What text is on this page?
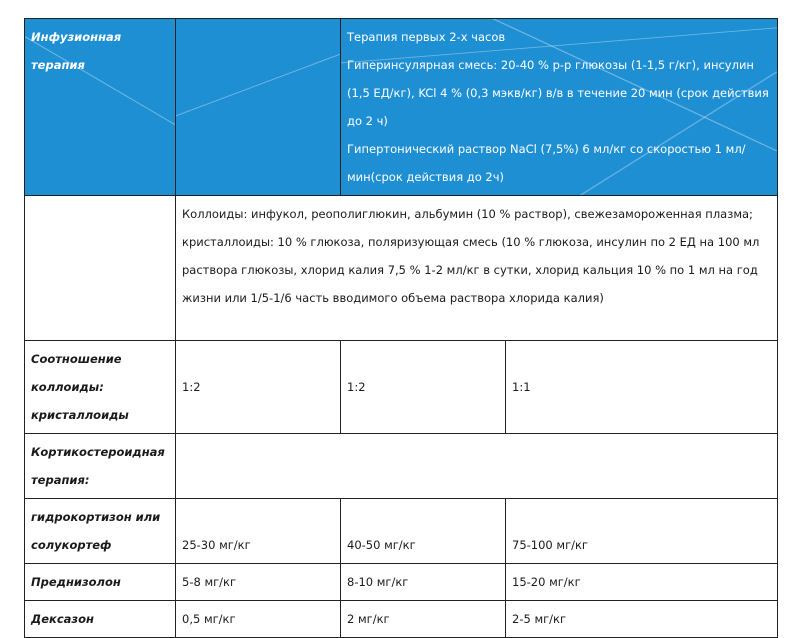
Инфузионная терапия		Терапия первых 2-х часов
Гиперинсулярная смесь: 20-40 % р-р глюкозы (1-1,5 г/кг), инсулин (1,5 ЕД/кг), KCl 4 % (0,3 мэкв/кг) в/в в течение 20 мин (срок действия до 2 ч)
Гипертонический раствор NaCl (7,5%) 6 мл/кг со скоростью 1 мл/мин(срок действия до 2ч)	

	Коллоиды: инфукол, реополиглюкин, альбумин (10 % раствор), свежезамороженная плазма; кристаллоиды: 10 % глюкоза, поляризующая смесь (10 % глюкоза, инсулин по 2 ЕД на 100 мл раствора глюкозы, хлорид калия 7,5 % 1-2 мл/кг в сутки, хлорид кальция 10 % по 1 мл на год жизни или 1/5-1/6 часть вводимого объема раствора хлорида калия)		
Соотношение коллоиды: кристаллоиды	1:2	1:2	1:1
Кортикостероидная терапия:			
гидрокортизон или солукортеф	25-30 мг/кг	40-50 мг/кг	75-100 мг/кг
Преднизолон	5-8 мг/кг	8-10 мг/кг	15-20 мг/кг
Дексазон	0,5 мг/кг	2 мг/кг	2-5 мг/кг
